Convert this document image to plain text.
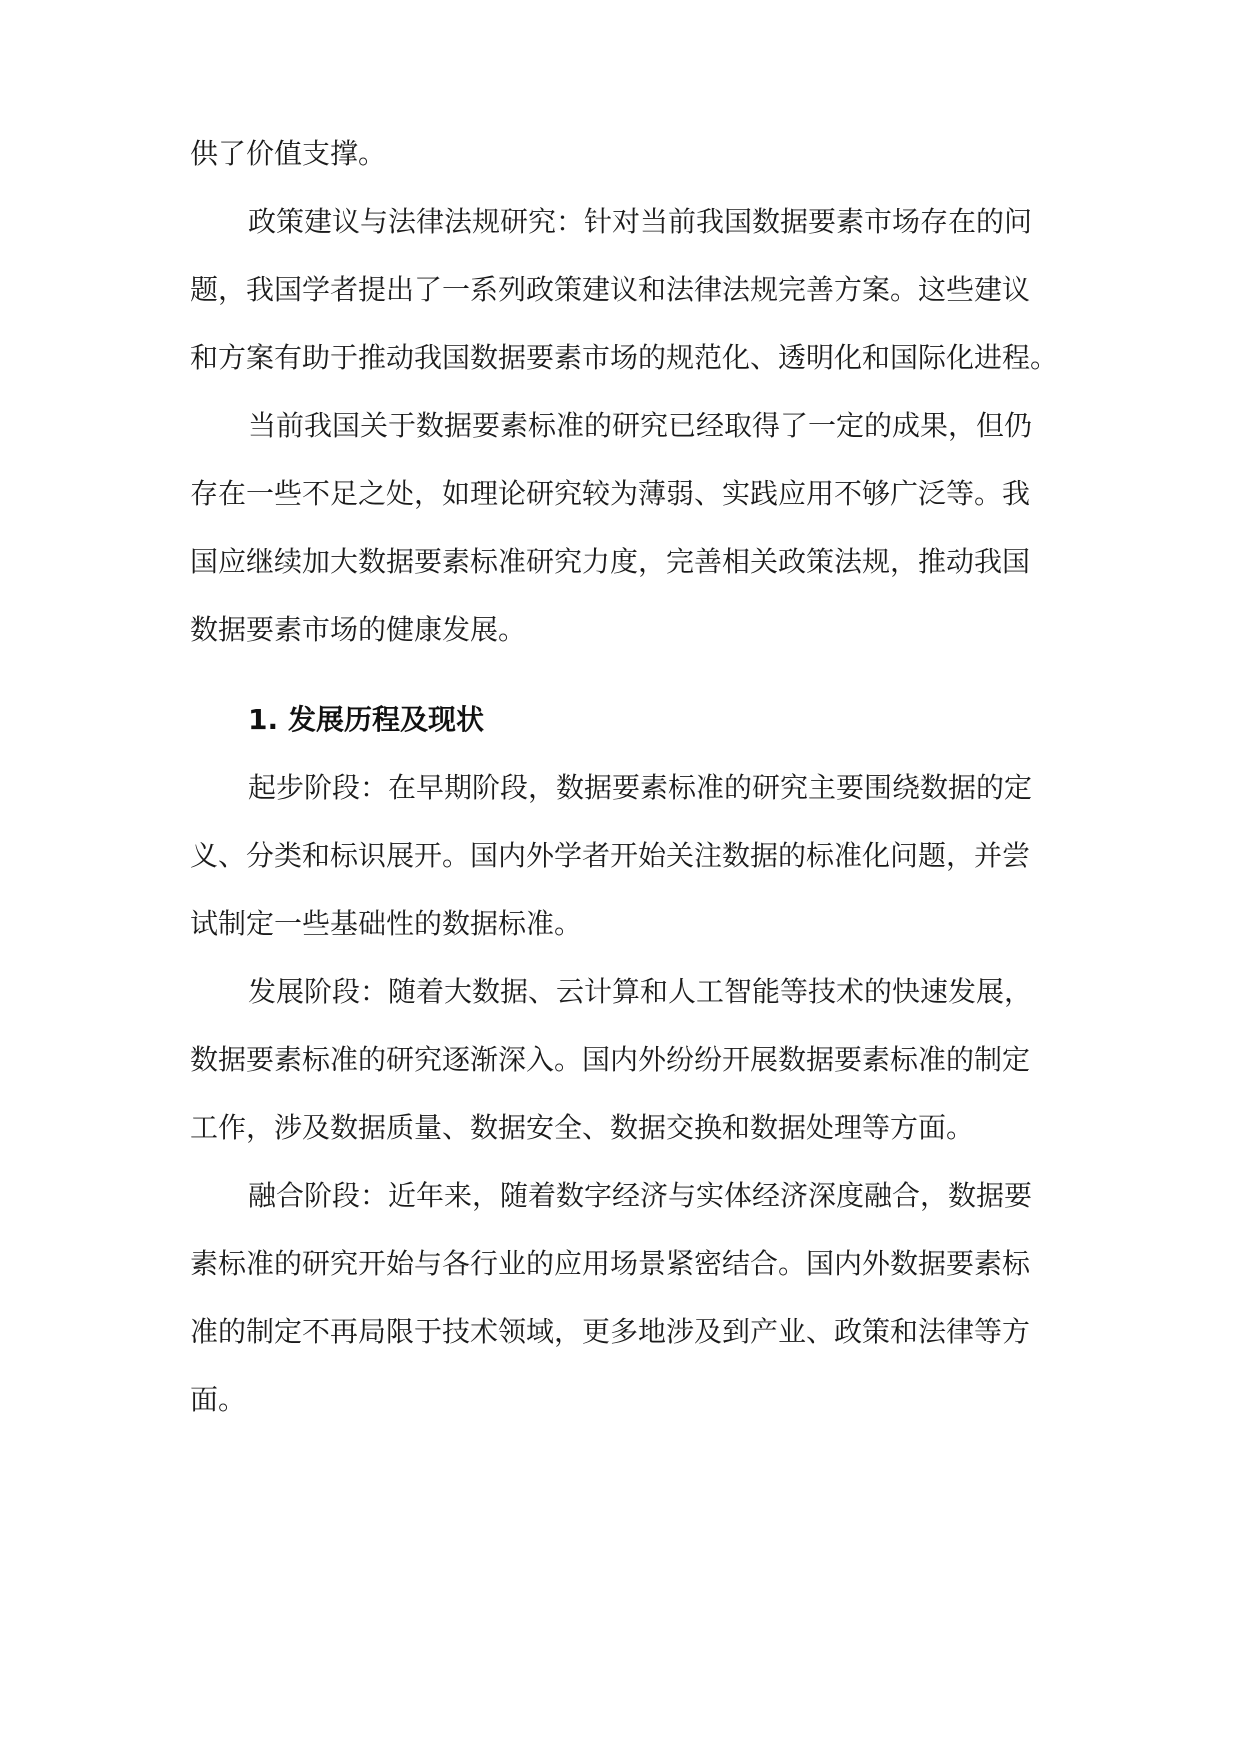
供了价值支撑。
政策建议与法律法规研究：针对当前我国数据要素市场存在的问
题，我国学者提出了一系列政策建议和法律法规完善方案。这些建议
和方案有助于推动我国数据要素市场的规范化、透明化和国际化进程。
当前我国关于数据要素标准的研究已经取得了一定的成果，但仍
存在一些不足之处，如理论研究较为薄弱、实践应用不够广泛等。我
国应继续加大数据要素标准研究力度，完善相关政策法规，推动我国
数据要素市场的健康发展。
1. 发展历程及现状
起步阶段：在早期阶段，数据要素标准的研究主要围绕数据的定
义、分类和标识展开。国内外学者开始关注数据的标准化问题，并尝
试制定一些基础性的数据标准。
发展阶段：随着大数据、云计算和人工智能等技术的快速发展，
数据要素标准的研究逐渐深入。国内外纷纷开展数据要素标准的制定
工作，涉及数据质量、数据安全、数据交换和数据处理等方面。
融合阶段：近年来，随着数字经济与实体经济深度融合，数据要
素标准的研究开始与各行业的应用场景紧密结合。国内外数据要素标
准的制定不再局限于技术领域，更多地涉及到产业、政策和法律等方
面。
